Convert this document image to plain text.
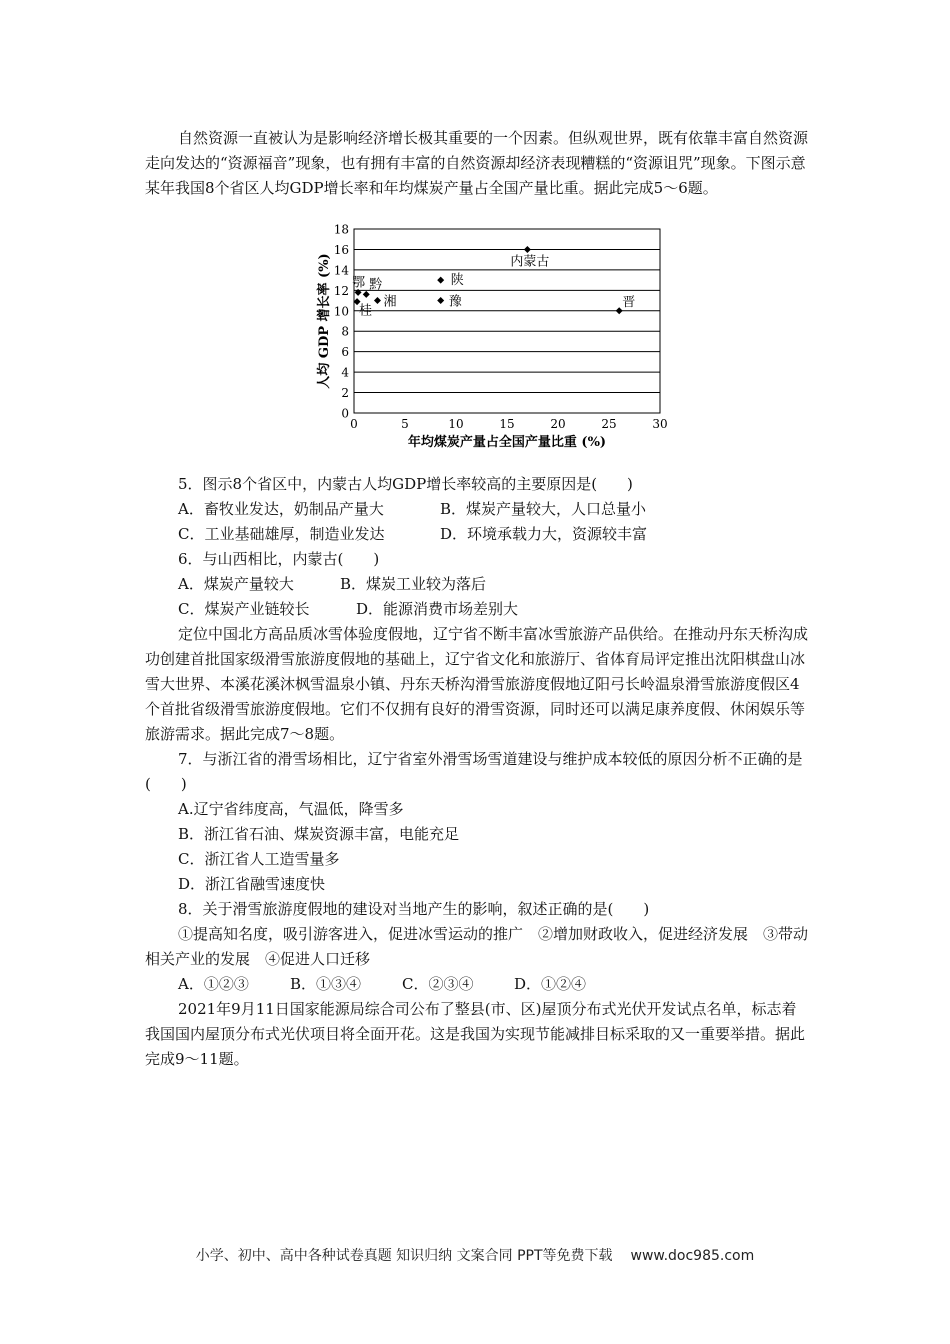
自然资源一直被认为是影响经济增长极其重要的一个因素。但纵观世界，既有依靠丰富自然资源走向发达的“资源福音”现象，也有拥有丰富的自然资源却经济表现糟糕的“资源诅咒”现象。下图示意某年我国8个省区人均GDP增长率和年均煤炭产量占全国产量比重。据此完成5～6题。

0
2
4
6
8
10
12
14
16
18
0	5	10	15	20	25	30
内蒙古
陕
豫	晋
鄂 黔
湘
桂
年均煤炭产量占全国产量比重 (%)
人均 GDP 增长率 (%)
5．图示8个省区中，内蒙古人均GDP增长率较高的主要原因是(　　)
A．畜牧业发达，奶制品产量大	B．煤炭产量较大，人口总量小
C．工业基础雄厚，制造业发达	D．环境承载力大，资源较丰富
6．与山西相比，内蒙古(　　)
A．煤炭产量较大	B．煤炭工业较为落后
C．煤炭产业链较长	D．能源消费市场差别大

定位中国北方高品质冰雪体验度假地，辽宁省不断丰富冰雪旅游产品供给。在推动丹东天桥沟成功创建首批国家级滑雪旅游度假地的基础上，辽宁省文化和旅游厅、省体育局评定推出沈阳棋盘山冰雪大世界、本溪花溪沐枫雪温泉小镇、丹东天桥沟滑雪旅游度假地辽阳弓长岭温泉滑雪旅游度假区4个首批省级滑雪旅游度假地。它们不仅拥有良好的滑雪资源，同时还可以满足康养度假、休闲娱乐等旅游需求。据此完成7～8题。

7．与浙江省的滑雪场相比，辽宁省室外滑雪场雪道建设与维护成本较低的原因分析不正确的是(　　)

A.辽宁省纬度高，气温低，降雪多
B．浙江省石油、煤炭资源丰富，电能充足
C．浙江省人工造雪量多
D．浙江省融雪速度快
8．关于滑雪旅游度假地的建设对当地产生的影响，叙述正确的是(　　)

①提高知名度，吸引游客进入，促进冰雪运动的推广　②增加财政收入，促进经济发展　③带动相关产业的发展　④促进人口迁移

A．①②③	B．①③④	C．②③④	D．①②④

2021年9月11日国家能源局综合司公布了整县(市、区)屋顶分布式光伏开发试点名单，标志着我国国内屋顶分布式光伏项目将全面开花。这是我国为实现节能减排目标采取的又一重要举措。据此完成9～11题。

小学、初中、高中各种试卷真题 知识归纳 文案合同 PPT等免费下载 www.doc985.com
